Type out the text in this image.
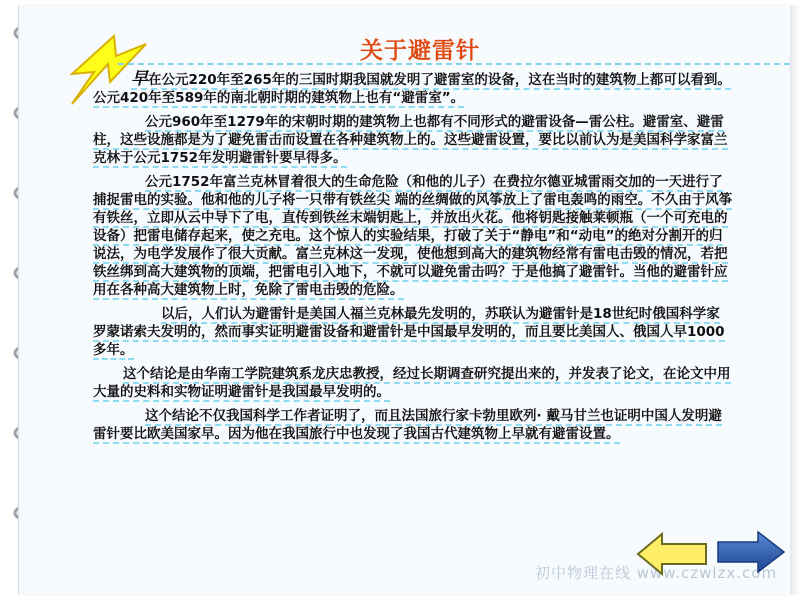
关于避雷针

早在公元220年至265年的三国时期我国就发明了避雷室的设备，这在当时的建筑物上都可以看到。公元420年至589年的南北朝时期的建筑物上也有“避雷室”。

公元960年至1279年的宋朝时期的建筑物上也都有不同形式的避雷设备—雷公柱。避雷室、避雷柱，这些设施都是为了避免雷击而设置在各种建筑物上的。这些避雷设置，要比以前认为是美国科学家富兰克林于公元1752年发明避雷针要早得多。

公元1752年富兰克林冒着很大的生命危险（和他的儿子）在费拉尔德亚城雷雨交加的一天进行了捕捉雷电的实验。他和他的儿子将一只带有铁丝尖 端的丝绸做的风筝放上了雷电轰鸣的雨空。不久由于风筝有铁丝，立即从云中导下了电，直传到铁丝末端钥匙上，并放出火花。他将钥匙接触莱顿瓶（一个可充电的设备）把雷电储存起来，使之充电。这个惊人的实验结果，打破了关于“静电”和“动电”的绝对分割开的归说法，为电学发展作了很大贡献。富兰克林这一发现，使他想到高大的建筑物经常有雷电击毁的情况，若把铁丝绑到高大建筑物的顶端，把雷电引入地下，不就可以避免雷击吗？于是他搞了避雷针。当他的避雷针应用在各种高大建筑物上时，免除了雷电击毁的危险。

以后，人们认为避雷针是美国人福兰克林最先发明的，苏联认为避雷针是18世纪时俄国科学家罗蒙诺索夫发明的，然而事实证明避雷设备和避雷针是中国最早发明的，而且要比美国人、俄国人早1000多年。

这个结论是由华南工学院建筑系龙庆忠教授，经过长期调查研究提出来的，并发表了论文，在论文中用大量的史料和实物证明避雷针是我国最早发明的。

这个结论不仅我国科学工作者证明了，而且法国旅行家卡勃里欧列· 戴马甘兰也证明中国人发明避雷针要比欧美国家早。因为他在我国旅行中也发现了我国古代建筑物上早就有避雷设置。

初中物理在线 www.czwlzx.com
